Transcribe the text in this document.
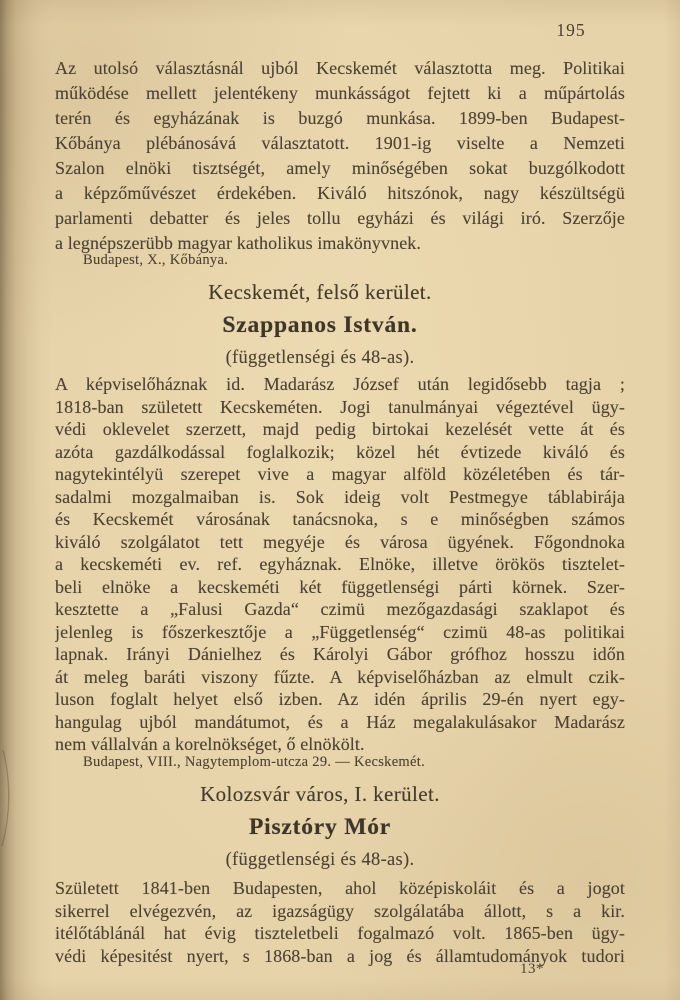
195
Az utolsó választásnál ujból Kecskemét választotta meg. Politikai
működése mellett jelentékeny munkásságot fejtett ki a műpártolás
terén és egyházának is buzgó munkása. 1899-ben Budapest-
Kőbánya plébánosává választatott. 1901-ig viselte a Nemzeti
Szalon elnöki tisztségét, amely minőségében sokat buzgólkodott
a képzőművészet érdekében. Kiváló hitszónok, nagy készültségü
parlamenti debatter és jeles tollu egyházi és világi iró. Szerzője
a legnépszerübb magyar katholikus imakönyvnek.
Budapest, X., Kőbánya.
Kecskemét, felső kerület.
Szappanos István.
(függetlenségi és 48-as).
A képviselőháznak id. Madarász József után legidősebb tagja ;
1818-ban született Kecskeméten. Jogi tanulmányai végeztével ügy-
védi oklevelet szerzett, majd pedig birtokai kezelését vette át és
azóta gazdálkodással foglalkozik; közel hét évtizede kiváló és
nagytekintélyü szerepet vive a magyar alföld közéletében és tár-
sadalmi mozgalmaiban is. Sok ideig volt Pestmegye táblabirája
és Kecskemét városának tanácsnoka, s e minőségben számos
kiváló szolgálatot tett megyéje és városa ügyének. Főgondnoka
a kecskeméti ev. ref. egyháznak. Elnöke, illetve örökös tisztelet-
beli elnöke a kecskeméti két függetlenségi párti körnek. Szer-
kesztette a „Falusi Gazda“ czimü mezőgazdasági szaklapot és
jelenleg is főszerkesztője a „Függetlenség“ czimü 48-as politikai
lapnak. Irányi Dánielhez és Károlyi Gábor grófhoz hosszu időn
át meleg baráti viszony fűzte. A képviselőházban az elmult czik-
luson foglalt helyet első izben. Az idén április 29-én nyert egy-
hangulag ujból mandátumot, és a Ház megalakulásakor Madarász
nem vállalván a korelnökséget, ő elnökölt.
Budapest, VIII., Nagytemplom-utcza 29. — Kecskemét.
Kolozsvár város, I. kerület.
Pisztóry Mór
(függetlenségi és 48-as).
Született 1841-ben Budapesten, ahol középiskoláit és a jogot
sikerrel elvégezvén, az igazságügy szolgálatába állott, s a kir.
itélőtáblánál hat évig tiszteletbeli fogalmazó volt. 1865-ben ügy-
védi képesitést nyert, s 1868-ban a jog és államtudományok tudori
13*
